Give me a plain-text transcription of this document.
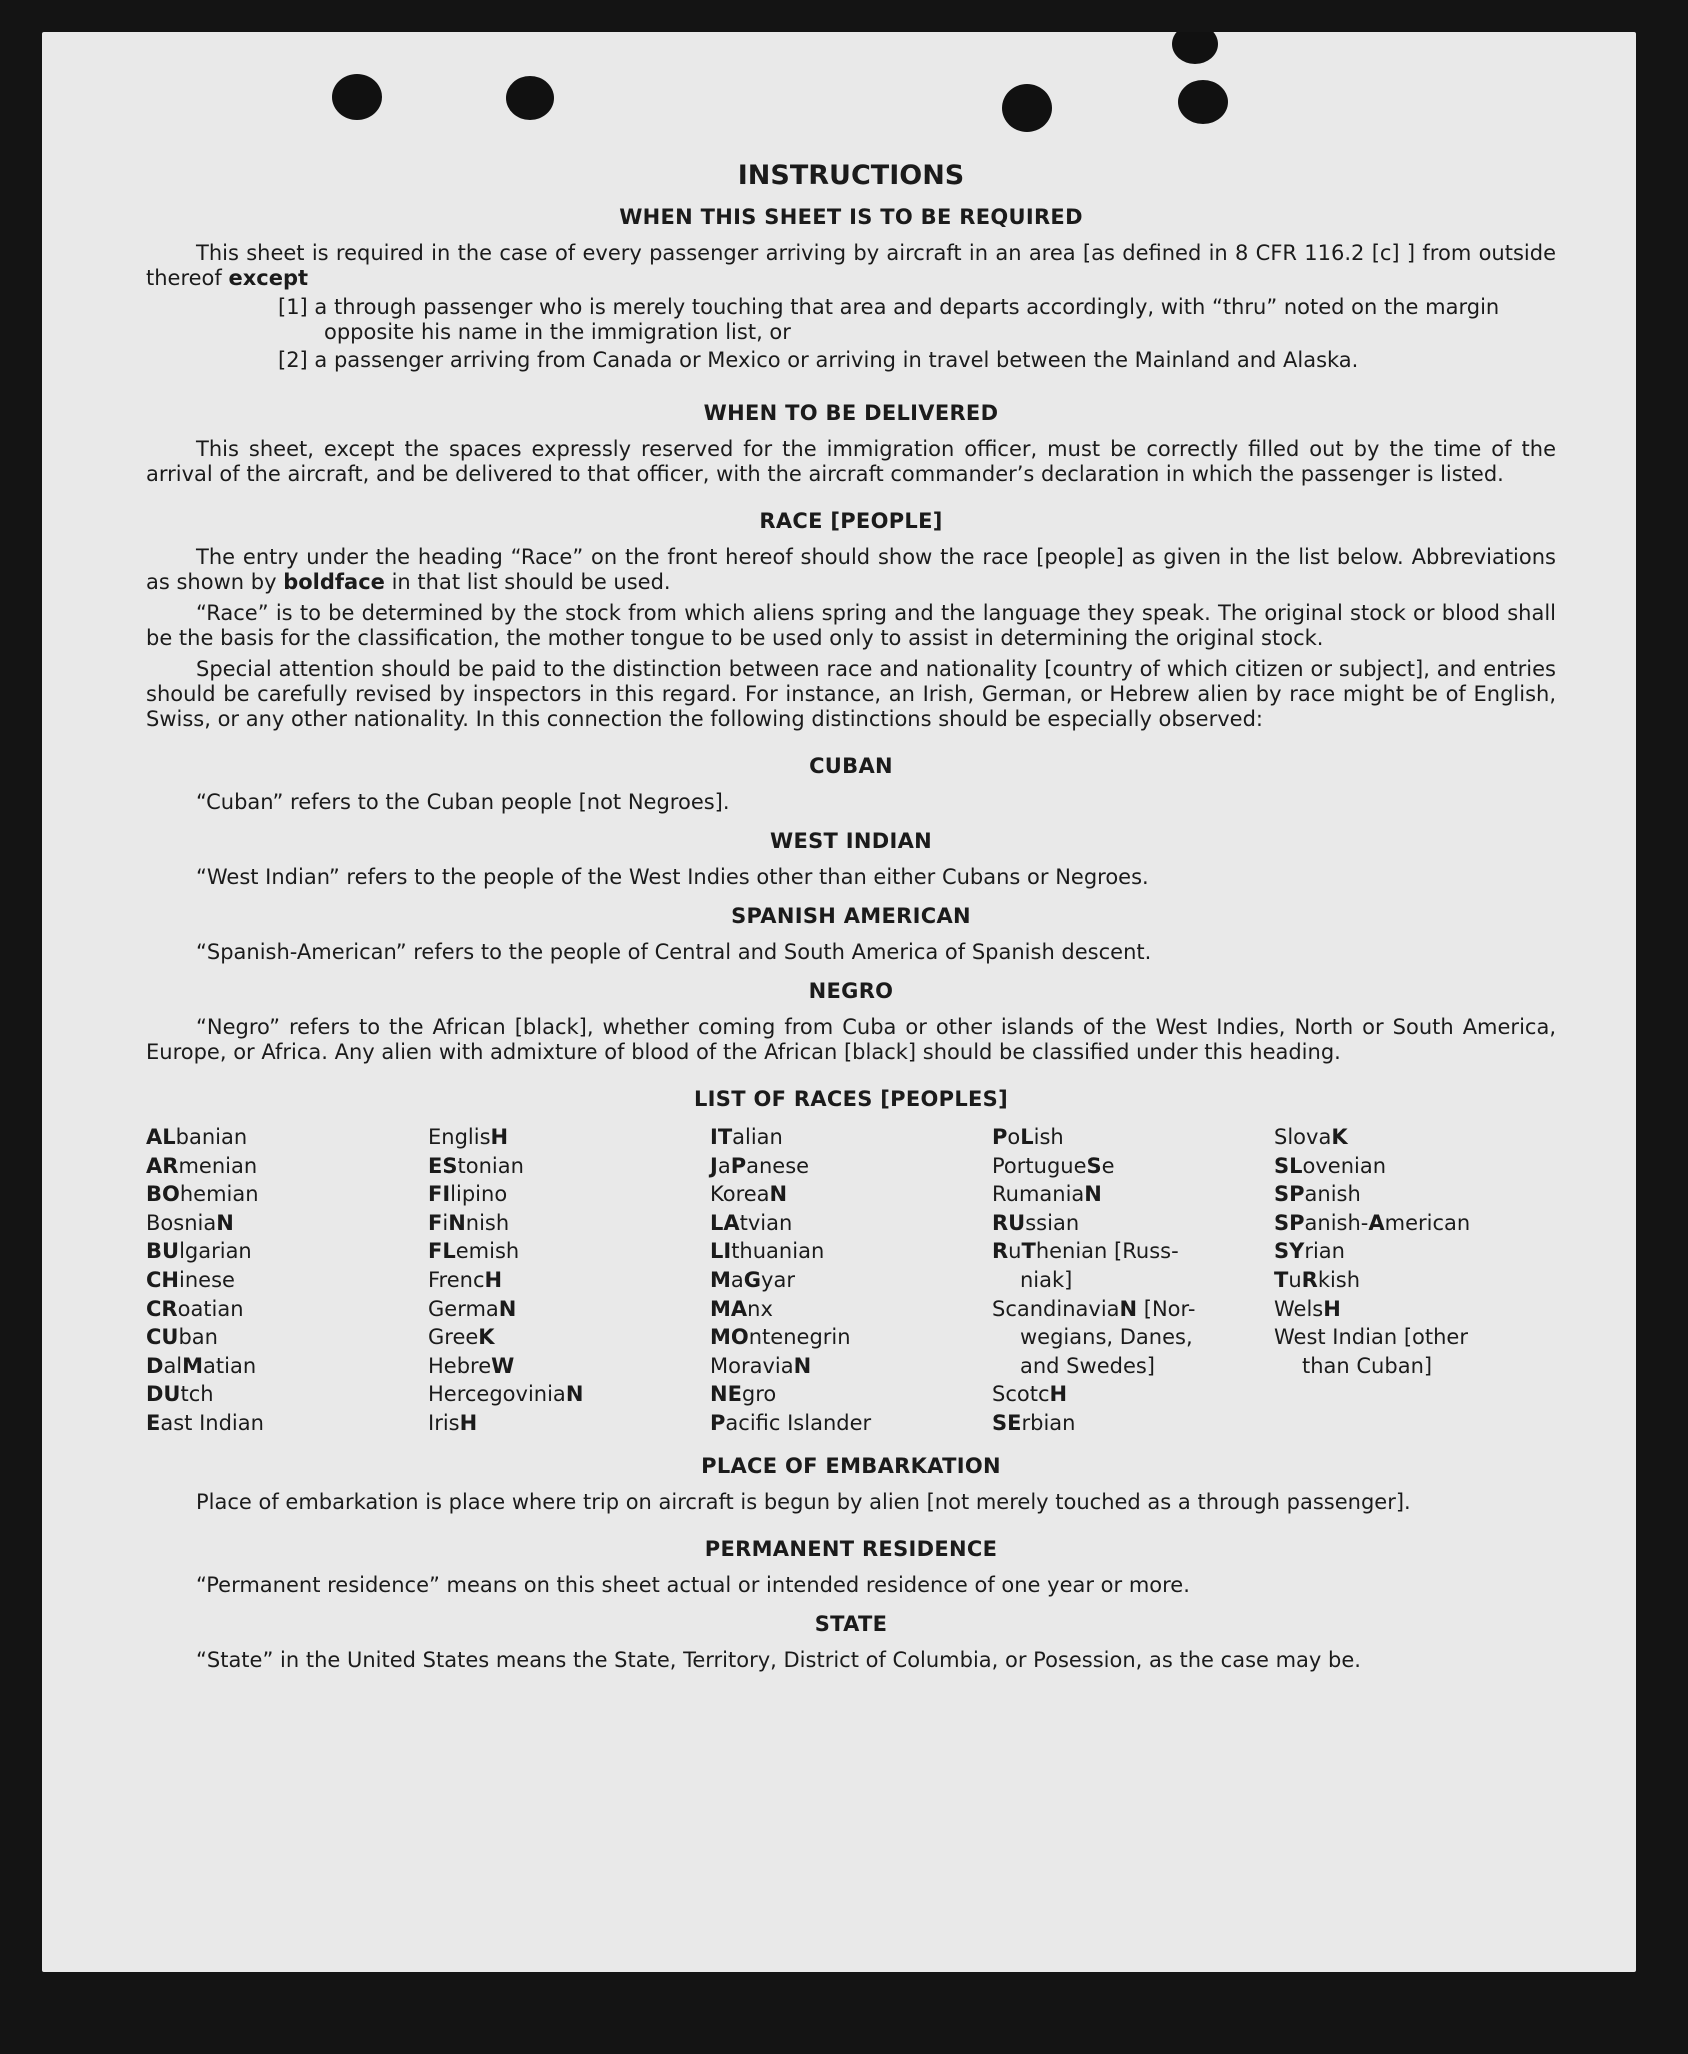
INSTRUCTIONS
WHEN THIS SHEET IS TO BE REQUIRED

This sheet is required in the case of every passenger arriving by aircraft in an area [as defined in 8 CFR 116.2 [c] ] from outside thereof except

[1] a through passenger who is merely touching that area and departs accordingly, with “thru” noted on the margin opposite his name in the immigration list, or

[2] a passenger arriving from Canada or Mexico or arriving in travel between the Mainland and Alaska.

WHEN TO BE DELIVERED

This sheet, except the spaces expressly reserved for the immigration officer, must be correctly filled out by the time of the arrival of the aircraft, and be delivered to that officer, with the aircraft commander’s declaration in which the passenger is listed.

RACE [PEOPLE]

The entry under the heading “Race” on the front hereof should show the race [people] as given in the list below. Abbreviations as shown by boldface in that list should be used.

“Race” is to be determined by the stock from which aliens spring and the language they speak. The original stock or blood shall be the basis for the classification, the mother tongue to be used only to assist in determining the original stock.

Special attention should be paid to the distinction between race and nationality [country of which citizen or subject], and entries should be carefully revised by inspectors in this regard. For instance, an Irish, German, or Hebrew alien by race might be of English, Swiss, or any other nationality. In this connection the following distinctions should be especially observed:

CUBAN

“Cuban” refers to the Cuban people [not Negroes].

WEST INDIAN

“West Indian” refers to the people of the West Indies other than either Cubans or Negroes.

SPANISH AMERICAN

“Spanish-American” refers to the people of Central and South America of Spanish descent.

NEGRO

“Negro” refers to the African [black], whether coming from Cuba or other islands of the West Indies, North or South America, Europe, or Africa. Any alien with admixture of blood of the African [black] should be classified under this heading.

LIST OF RACES [PEOPLES]
ALbanian
ARmenian
BOhemian
BosniaN
BUlgarian
CHinese
CRoatian
CUban
DalMatian
DUtch
East Indian
EnglisH
EStonian
FIlipino
FiNnish
FLemish
FrencH
GermaN
GreeK
HebreW
HercegoviniaN
IrisH
ITalian
JaPanese
KoreaN
LAtvian
LIthuanian
MaGyar
MAnx
MOntenegrin
MoraviaN
NEgro
Pacific Islander
PoLish
PortugueSe
RumaniaN
RUssian
RuThenian [Russ-
niak]
ScandinaviaN [Nor-
wegians, Danes,
and Swedes]
ScotcH
SErbian
SlovaK
SLovenian
SPanish
SPanish-American
SYrian
TuRkish
WelsH
West Indian [other
than Cuban]
PLACE OF EMBARKATION

Place of embarkation is place where trip on aircraft is begun by alien [not merely touched as a through passenger].

PERMANENT RESIDENCE

“Permanent residence” means on this sheet actual or intended residence of one year or more.

STATE

“State” in the United States means the State, Territory, District of Columbia, or Posession, as the case may be.
